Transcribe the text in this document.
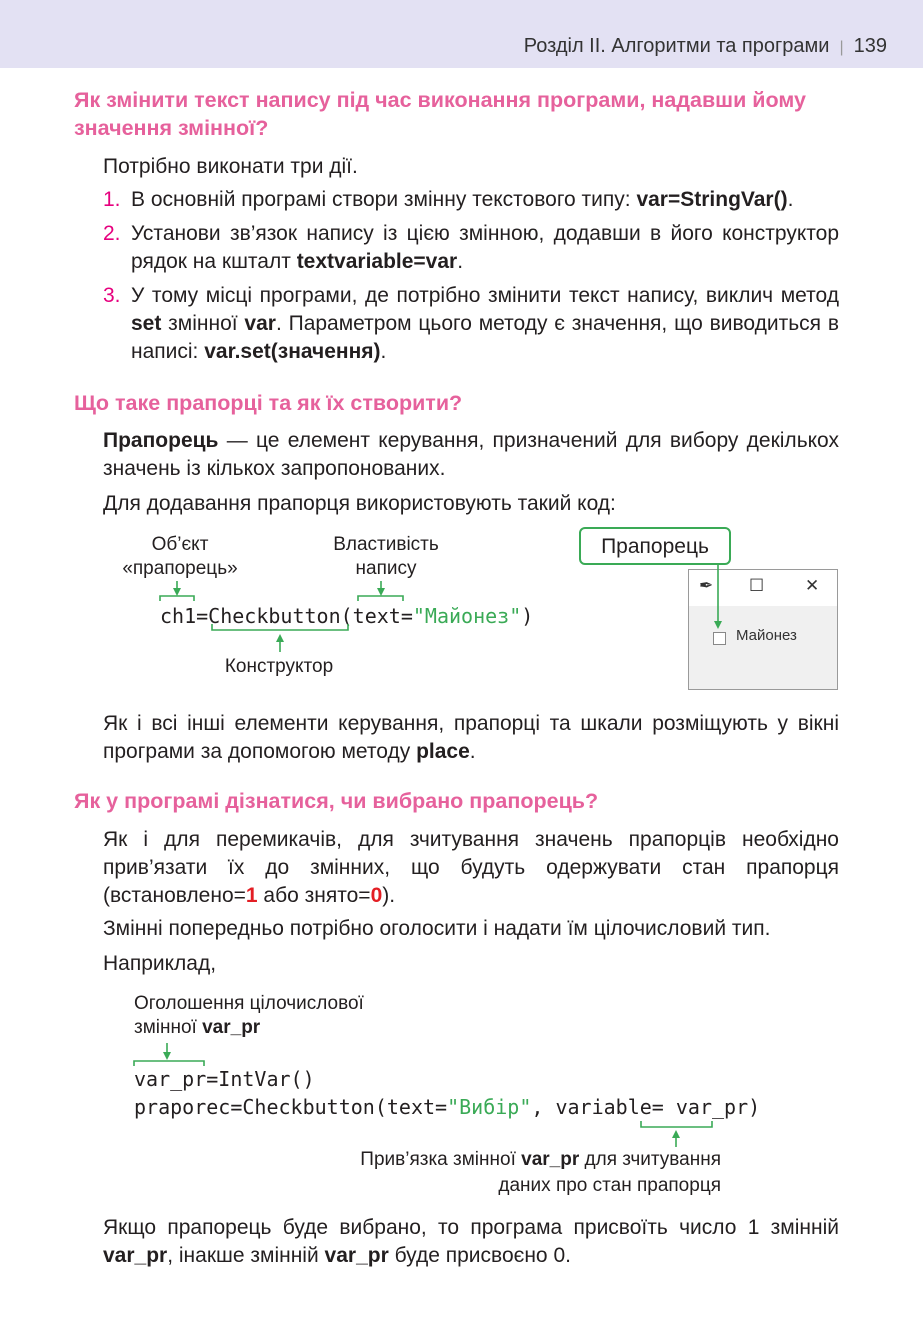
Розділ ІІ. Алгоритми та програми | 139
Як змінити текст напису під час виконання програми, надавши йому значення змінної?
Потрібно виконати три дії.
1. В основній програмі створи змінну текстового типу: var=StringVar().
2. Установи зв’язок напису із цією змінною, додавши в його конструктор рядок на кшталт textvariable=var.
3. У тому місці програми, де потрібно змінити текст напису, виклич метод set змінної var. Параметром цього методу є значення, що виводиться в написі: var.set(значення).
Що таке прапорці та як їх створити?
Прапорець — це елемент керування, призначений для вибору декількох значень із кількох запропонованих.
Для додавання прапорця використовують такий код:
Об’єкт «прапорець»
Властивість напису
ch1=Checkbutton(text="Майонез")
Конструктор
Прапорець
✒ ☐ ✕
Майонез
Як і всі інші елементи керування, прапорці та шкали розміщують у вікні програми за допомогою методу place.
Як у програмі дізнатися, чи вибрано прапорець?
Як і для перемикачів, для зчитування значень прапорців необхідно прив’язати їх до змінних, що будуть одержувати стан прапорця (встановлено=1 або знято=0).
Змінні попередньо потрібно оголосити і надати їм цілочисловий тип.
Наприклад,
Оголошення цілочислової
змінної var_pr
var_pr=IntVar()
praporec=Checkbutton(text="Вибір", variable= var_pr)
Прив’язка змінної var_pr для зчитування
даних про стан прапорця
Якщо прапорець буде вибрано, то програма присвоїть число 1 змінній var_pr, інакше змінній var_pr буде присвоєно 0.
